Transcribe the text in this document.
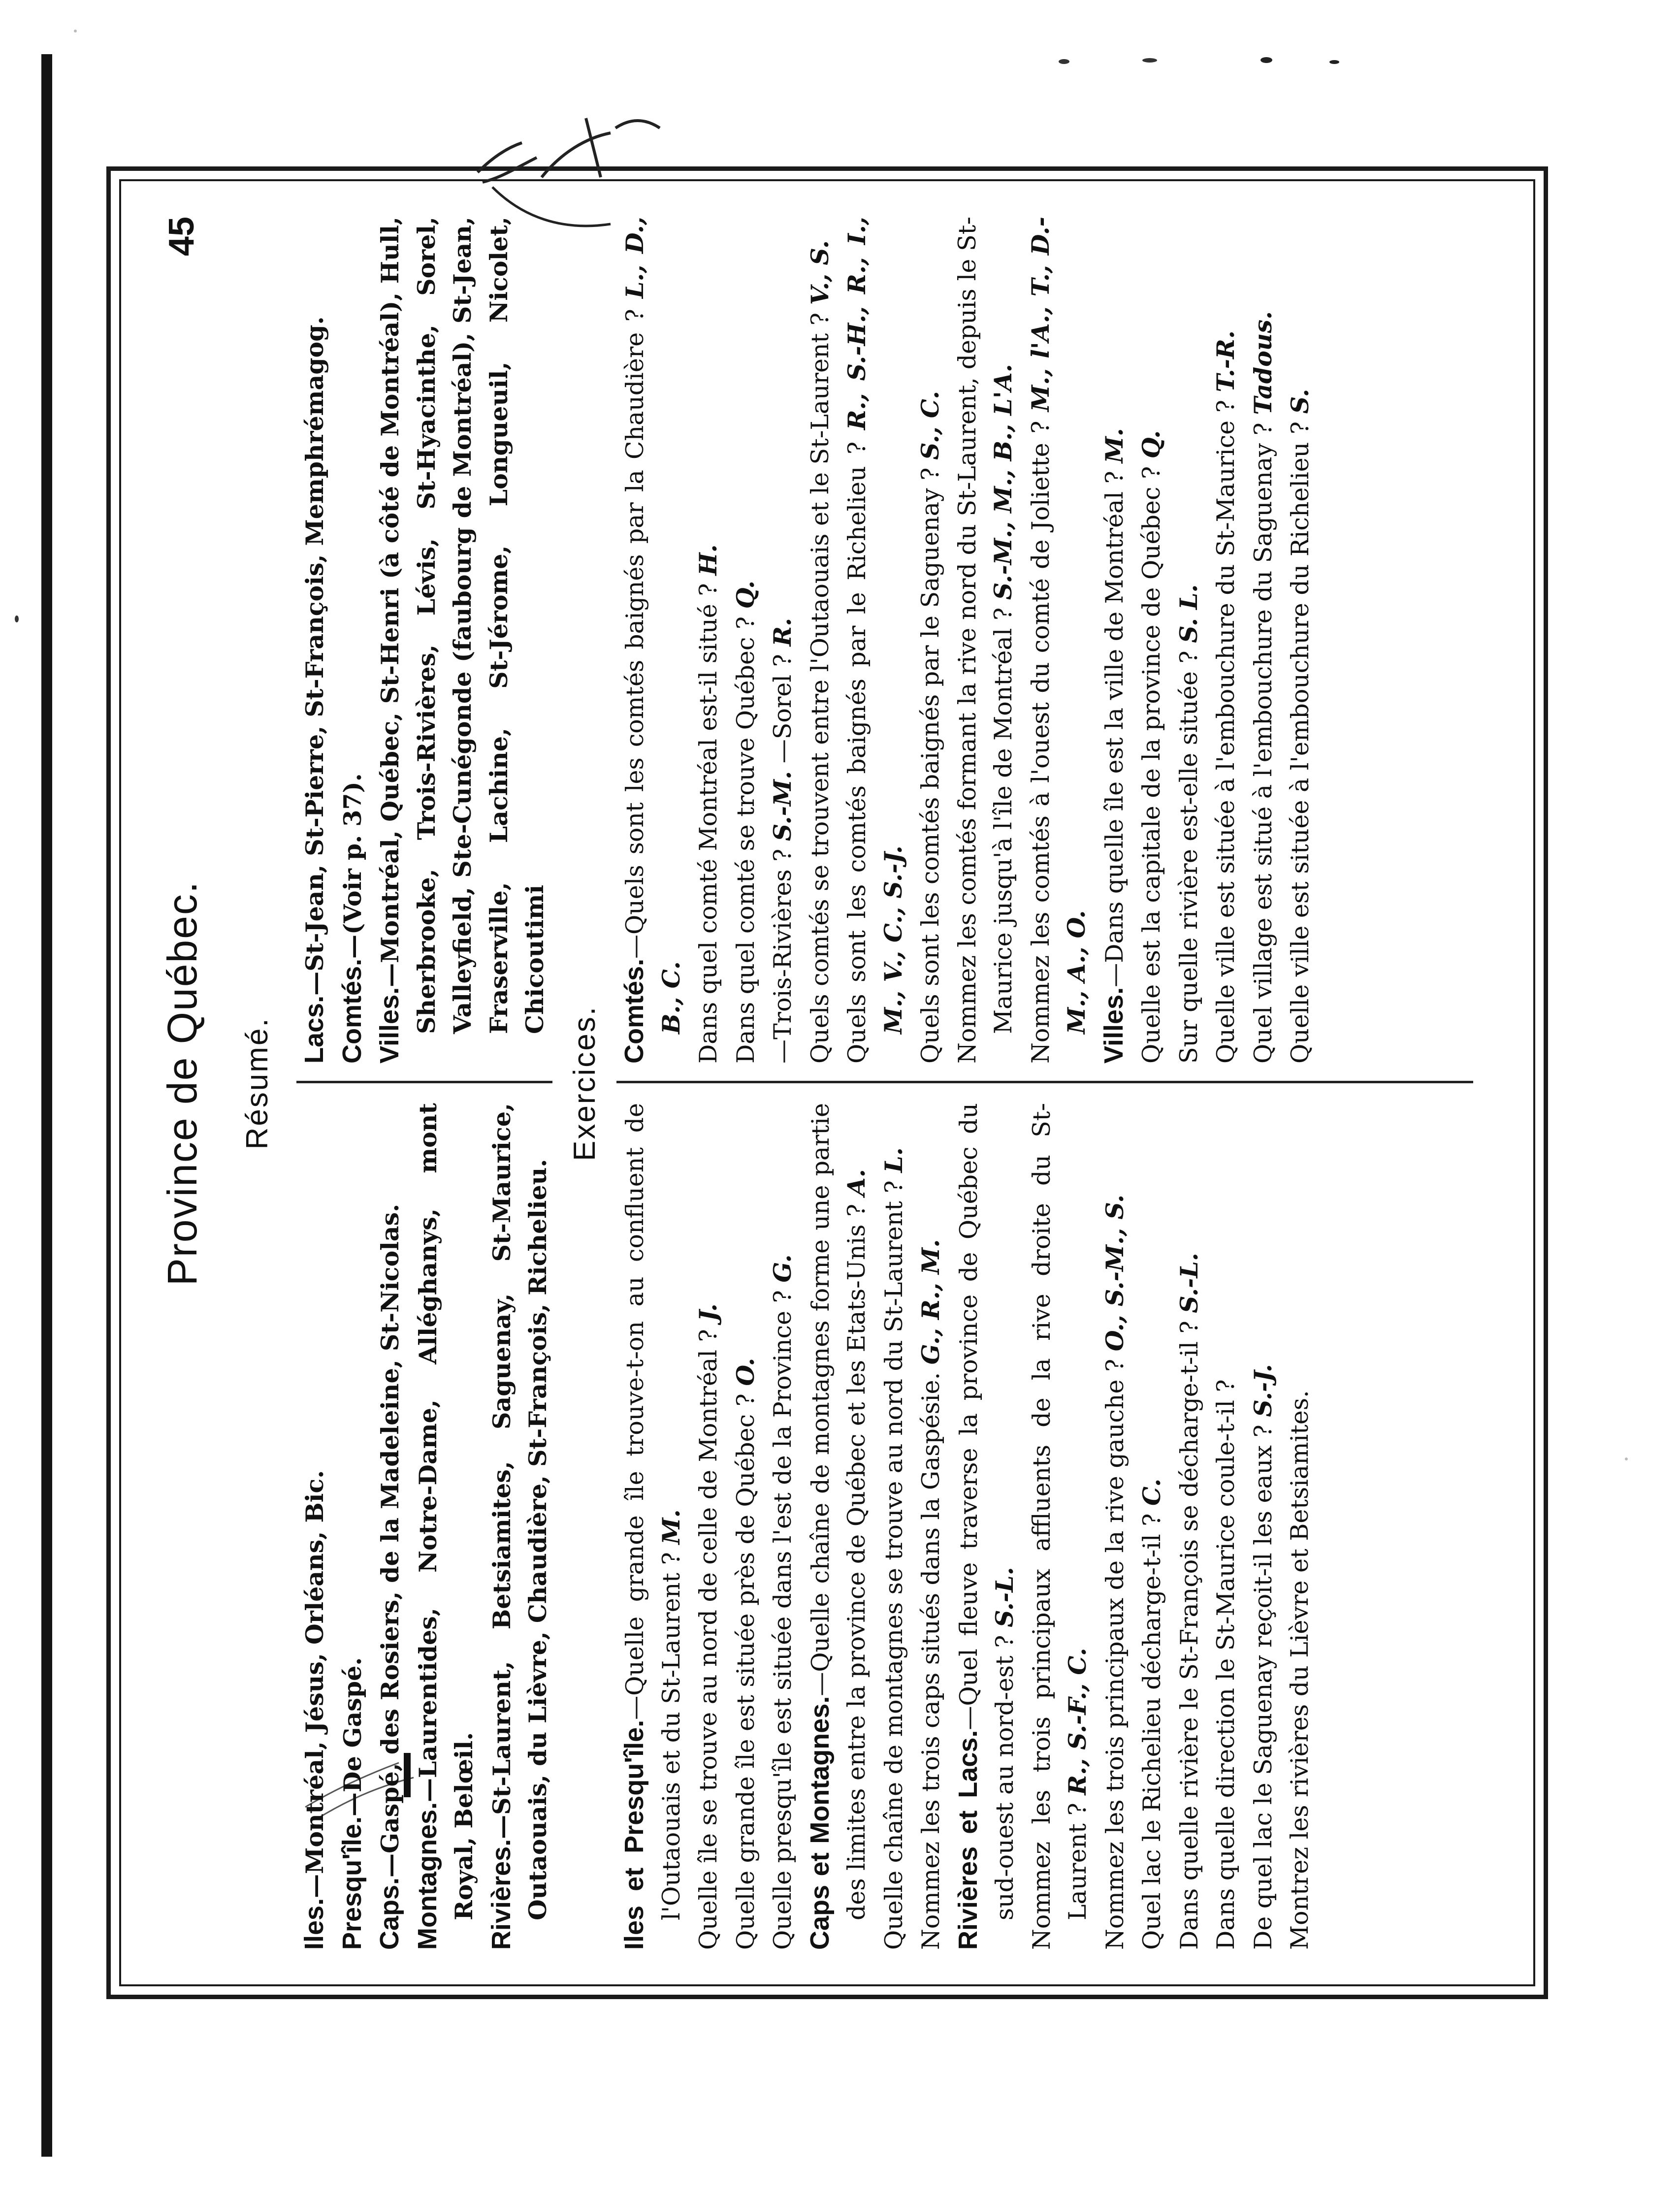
Province de Québec.
45
Résumé.

Iles.—Montréal, Jésus, Orléans, Bic. Presqu'île.—De Gaspé.

Caps.—Gaspé, des Rosiers, de la Madeleine, St-Nicolas. Montagnes.—Laurentides, Notre-Dame, Alléghanys, mont Royal, Belœil. Rivières.—St-Laurent, Betsiamites, Saguenay, St-Maurice, Outaouais, du Lièvre, Chaudière, St-François, Richelieu.

Lacs.—St-Jean, St-Pierre, St-François, Memphrémagog.

Comtés.—(Voir p. 37).

Villes.—Montréal, Québec, St-Henri (à côté de Montréal), Hull, Sherbrooke, Trois-Rivières, Lévis, St-Hyacinthe, Sorel, Valleyfield, Ste-Cunégonde (faubourg de Montréal), St-Jean, Fraserville, Lachine, St-Jérome, Longueuil, Nicolet, Chicoutimi

Exercices.

Iles et Presqu'île.—Quelle grande île trouve-t-on au confluent de l'Outaouais et du St-Laurent ? M. Quelle île se trouve au nord de celle de Montréal ? J.

Quelle grande île est située près de Québec ? O. Quelle presqu'île est située dans l'est de la Province ? G.

Caps et Montagnes.—Quelle chaîne de montagnes forme une partie des limites entre la province de Québec et les Etats-Unis ? A. Quelle chaîne de montagnes se trouve au nord du St-Laurent ? L.

Nommez les trois caps situés dans la Gaspésie. G., R., M.

Rivières et Lacs.—Quel fleuve traverse la province de Québec du sud-ouest au nord-est ? S.-L. Nommez les trois principaux affluents de la rive droite du St-Laurent ? R., S.-F., C. Nommez les trois principaux de la rive gauche ? O., S.-M., S.

Quel lac le Richelieu décharge-t-il ? C. Dans quelle rivière le St-François se décharge-t-il ? S.-L.

Dans quelle direction le St-Maurice coule-t-il ? De quel lac le Saguenay reçoit-il les eaux ? S.-J. Montrez les rivières du Lièvre et Betsiamites.

Comtés.—Quels sont les comtés baignés par la Chaudière ? L., D., B., C. Dans quel comté Montréal est-il situé ? H.

Dans quel comté se trouve Québec ? Q.

—Trois-Rivières ? S.-M. —Sorel ? R. Quels comtés se trouvent entre l'Outaouais et le St-Laurent ? V., S.

Quels sont les comtés baignés par le Richelieu ? R., S.-H., R., I., M., V., C., S.-J. Quels sont les comtés baignés par le Saguenay ? S., C. Nommez les comtés formant la rive nord du St-Laurent, depuis le St-Maurice jusqu'à l'île de Montréal ? S.-M., M., B., L'A. Nommez les comtés à l'ouest du comté de Joliette ? M., l'A., T., D.-M., A., O. Villes.—Dans quelle île est la ville de Montréal ? M.

Quelle est la capitale de la province de Québec ? Q.

Sur quelle rivière est-elle située ? S. L. Quelle ville est située à l'embouchure du St-Maurice ? T.-R.

Quel village est situé à l'embouchure du Saguenay ? Tadous.

Quelle ville est située à l'embouchure du Richelieu ? S.
